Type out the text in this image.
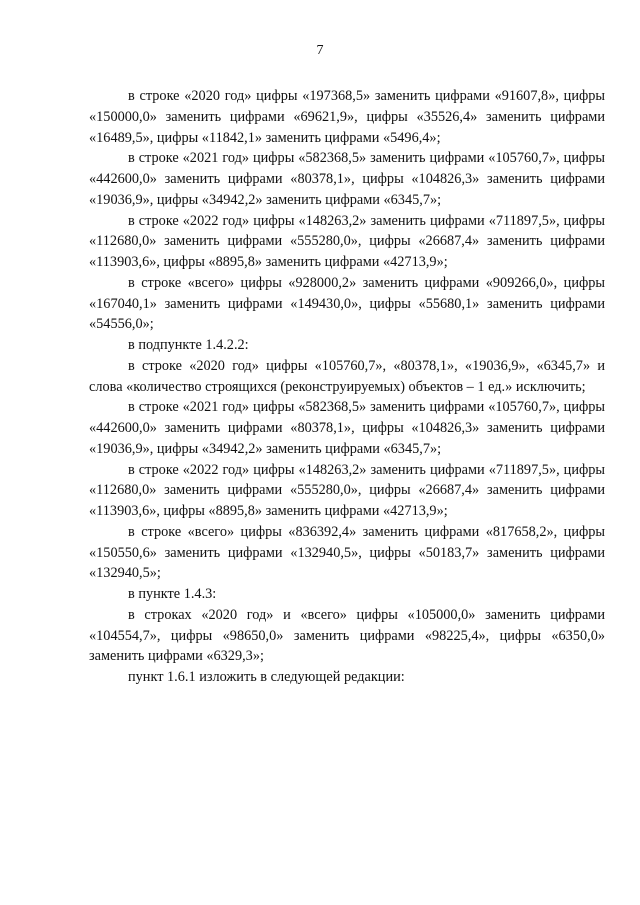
7

в строке «2020 год» цифры «197368,5» заменить цифрами «91607,8», цифры «150000,0» заменить цифрами «69621,9», цифры «35526,4» заменить цифрами «16489,5», цифры «11842,1» заменить цифрами «5496,4»;

в строке «2021 год» цифры «582368,5» заменить цифрами «105760,7», цифры «442600,0» заменить цифрами «80378,1», цифры «104826,3» заменить цифрами «19036,9», цифры «34942,2» заменить цифрами «6345,7»;

в строке «2022 год» цифры «148263,2» заменить цифрами «711897,5», цифры «112680,0» заменить цифрами «555280,0», цифры «26687,4» заменить цифрами «113903,6», цифры «8895,8» заменить цифрами «42713,9»;

в строке «всего» цифры «928000,2» заменить цифрами «909266,0», цифры «167040,1» заменить цифрами «149430,0», цифры «55680,1» заменить цифрами «54556,0»;

в подпункте 1.4.2.2:

в строке «2020 год» цифры «105760,7», «80378,1», «19036,9», «6345,7» и слова «количество строящихся (реконструируемых) объектов – 1 ед.» исключить;

в строке «2021 год» цифры «582368,5» заменить цифрами «105760,7», цифры «442600,0» заменить цифрами «80378,1», цифры «104826,3» заменить цифрами «19036,9», цифры «34942,2» заменить цифрами «6345,7»;

в строке «2022 год» цифры «148263,2» заменить цифрами «711897,5», цифры «112680,0» заменить цифрами «555280,0», цифры «26687,4» заменить цифрами «113903,6», цифры «8895,8» заменить цифрами «42713,9»;

в строке «всего» цифры «836392,4» заменить цифрами «817658,2», цифры «150550,6» заменить цифрами «132940,5», цифры «50183,7» заменить цифрами «132940,5»;

в пункте 1.4.3:

в строках «2020 год» и «всего» цифры «105000,0» заменить цифрами «104554,7», цифры «98650,0» заменить цифрами «98225,4», цифры «6350,0» заменить цифрами «6329,3»;

пункт 1.6.1 изложить в следующей редакции:
